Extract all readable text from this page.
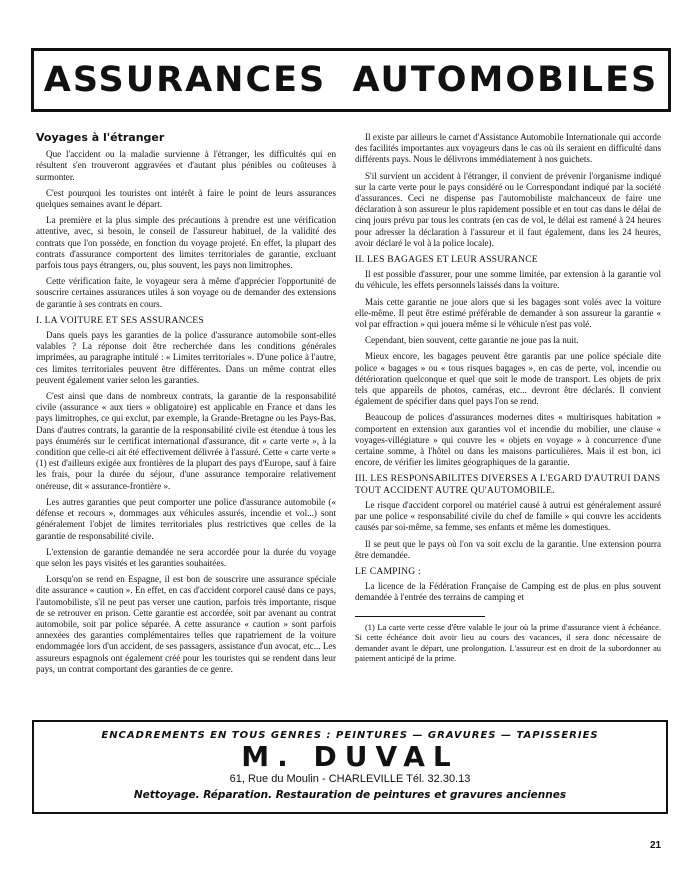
ASSURANCES AUTOMOBILES
Voyages à l'étranger

Que l'accident ou la maladie survienne à l'étranger, les difficultés qui en résultent s'en trouveront aggravées et d'autant plus pénibles ou coûteuses à surmonter.

C'est pourquoi les touristes ont intérêt à faire le point de leurs assurances quelques semaines avant le départ.

La première et la plus simple des précautions à prendre est une vérification attentive, avec, si besoin, le conseil de l'assureur habituel, de la validité des contrats que l'on possède, en fonction du voyage projeté. En effet, la plupart des contrats d'assurance comportent des limites territoriales de garantie, excluant parfois tous pays étrangers, ou, plus souvent, les pays non limitrophes.

Cette vérification faite, le voyageur sera à même d'apprécier l'opportunité de souscrire certaines assurances utiles à son voyage ou de demander des extensions de garantie à ses contrats en cours.

I. LA VOITURE ET SES ASSURANCES

Dans quels pays les garanties de la police d'assurance automobile sont-elles valables ? La réponse doit être recherchée dans les conditions générales imprimées, au paragraphe intitulé : « Limites territoriales ». D'une police à l'autre, ces limites territoriales peuvent être différentes. Dans un même contrat elles peuvent également varier selon les garanties.

C'est ainsi que dans de nombreux contrats, la garantie de la responsabilité civile (assurance « aux tiers » obligatoire) est applicable en France et dans les pays limitrophes, ce qui exclut, par exemple, la Grande-Bretagne ou les Pays-Bas. Dans d'autres contrats, la garantie de la responsabilité civile est étendue à tous les pays énumérés sur le certificat international d'assurance, dit « carte verte », à la condition que celle-ci ait été effectivement délivrée à l'assuré. Cette « carte verte » (1) est d'ailleurs exigée aux frontières de la plupart des pays d'Europe, sauf à faire les frais, pour la durée du séjour, d'une assurance temporaire relativement onéreuse, dit « assurance-frontière ».

Les autres garanties que peut comporter une police d'assurance automobile (« défense et recours », dommages aux véhicules assurés, incendie et vol...) sont généralement l'objet de limites territoriales plus restrictives que celles de la garantie de responsabilité civile.

L'extension de garantie demandée ne sera accordée pour la durée du voyage que selon les pays visités et les garanties souhaitées.

Lorsqu'on se rend en Espagne, il est bon de souscrire une assurance spéciale dite assurance « caution ». En effet, en cas d'accident corporel causé dans ce pays, l'automobiliste, s'il ne peut pas verser une caution, parfois très importante, risque de se retrouver en prison. Cette garantie est accordée, soit par avenant au contrat automobile, soit par police séparée. A cette assurance « caution » sont parfois annexées des garanties complémentaires telles que rapatriement de la voiture endommagée lors d'un accident, de ses passagers, assistance d'un avocat, etc... Les assureurs espagnols ont également créé pour les touristes qui se rendent dans leur pays, un contrat comportant des garanties de ce genre.

Il existe par ailleurs le carnet d'Assistance Automobile Internationale qui accorde des facilités importantes aux voyageurs dans le cas où ils seraient en difficulté dans différents pays. Nous le délivrons immédiatement à nos guichets.

S'il survient un accident à l'étranger, il convient de prévenir l'organisme indiqué sur la carte verte pour le pays considéré ou le Correspondant indiqué par la société d'assurances. Ceci ne dispense pas l'automobiliste malchanceux de faire une déclaration à son assureur le plus rapidement possible et en tout cas dans le délai de cinq jours prévu par tous les contrats (en cas de vol, le délai est ramené à 24 heures pour adresser la déclaration à l'assureur et il faut également, dans les 24 heures, avoir déclaré le vol à la police locale).

II. LES BAGAGES ET LEUR ASSURANCE

Il est possible d'assurer, pour une somme limitée, par extension à la garantie vol du véhicule, les effets personnels laissés dans la voiture.

Mais cette garantie ne joue alors que si les bagages sont volés avec la voiture elle-même. Il peut être estimé préférable de demander à son assureur la garantie « vol par effraction » qui jouera même si le véhicule n'est pas volé.

Cependant, bien souvent, cette garantie ne joue pas la nuit.

Mieux encore, les bagages peuvent être garantis par une police spéciale dite police « bagages » ou « tous risques bagages », en cas de perte, vol, incendie ou détérioration quelconque et quel que soit le mode de transport. Les objets de prix tels que appareils de photos, caméras, etc... devront être déclarés. Il convient également de spécifier dans quel pays l'on se rend.

Beaucoup de polices d'assurances modernes dites « multirisques habitation » comportent en extension aux garanties vol et incendie du mobilier, une clause « voyages-villégiature » qui couvre les « objets en voyage » à concurrence d'une certaine somme, à l'hôtel ou dans les maisons particulières. Mais il est bon, ici encore, de vérifier les limites géographiques de la garantie.

III. LES RESPONSABILITES DIVERSES A L'EGARD D'AUTRUI DANS TOUT ACCIDENT AUTRE QU'AUTOMOBILE.

Le risque d'accident corporel ou matériel causé à autrui est généralement assuré par une police « responsabilité civile du chef de famille » qui couvre les accidents causés par soi-même, sa femme, ses enfants et même les domestiques.

Il se peut que le pays où l'on va soit exclu de la garantie. Une extension pourra être demandée.

LE CAMPING :

La licence de la Fédération Française de Camping est de plus en plus souvent demandée à l'entrée des terrains de camping et

(1) La carte verte cesse d'être valable le jour où la prime d'assurance vient à échéance. Si cette échéance doit avoir lieu au cours des vacances, il sera donc nécessaire de demander avant le départ, une prolongation. L'assureur est en droit de la subordonner au paiement anticipé de la prime.

ENCADREMENTS EN TOUS GENRES : PEINTURES — GRAVURES — TAPISSERIES
M. DUVAL
61, Rue du Moulin - CHARLEVILLE Tél. 32.30.13
Nettoyage. Réparation. Restauration de peintures et gravures anciennes
21
